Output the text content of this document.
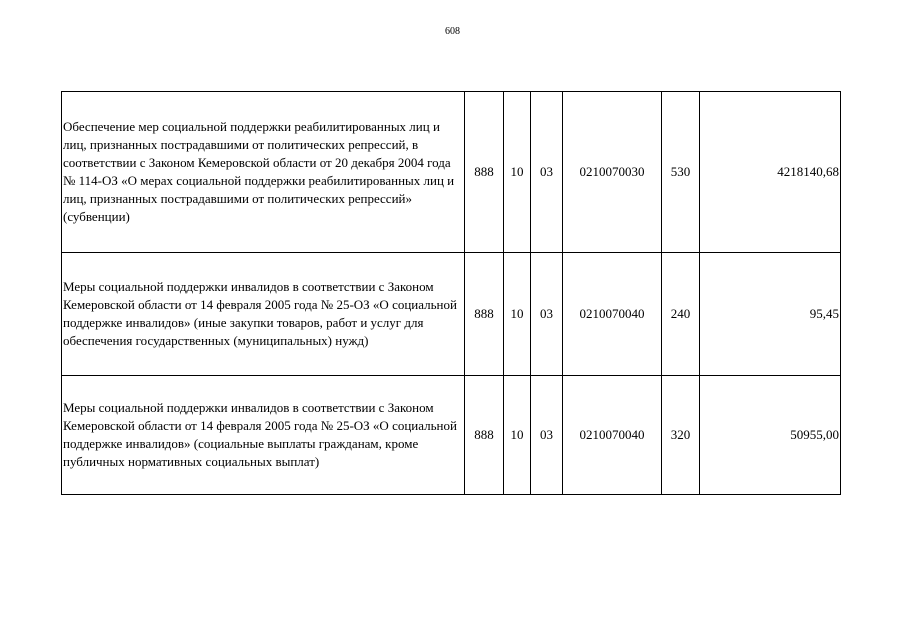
608
Обеспечение мер социальной поддержки реабилитированных лиц и лиц, признанных пострадавшими от политических репрессий, в соответствии с Законом Кемеровской области от 20 декабря 2004 года № 114-ОЗ «О мерах социальной поддержки реабилитированных лиц и лиц, признанных пострадавшими от политических репрессий» (субвенции)	888	10	03	0210070030	530	4218140,68
Меры социальной поддержки инвалидов в соответствии с Законом Кемеровской области от 14 февраля 2005 года № 25-ОЗ «О социальной поддержке инвалидов» (иные закупки товаров, работ и услуг для обеспечения государственных (муниципальных) нужд)	888	10	03	0210070040	240	95,45
Меры социальной поддержки инвалидов в соответствии с Законом Кемеровской области от 14 февраля 2005 года № 25-ОЗ «О социальной поддержке инвалидов» (социальные выплаты гражданам, кроме публичных нормативных социальных выплат)	888	10	03	0210070040	320	50955,00
